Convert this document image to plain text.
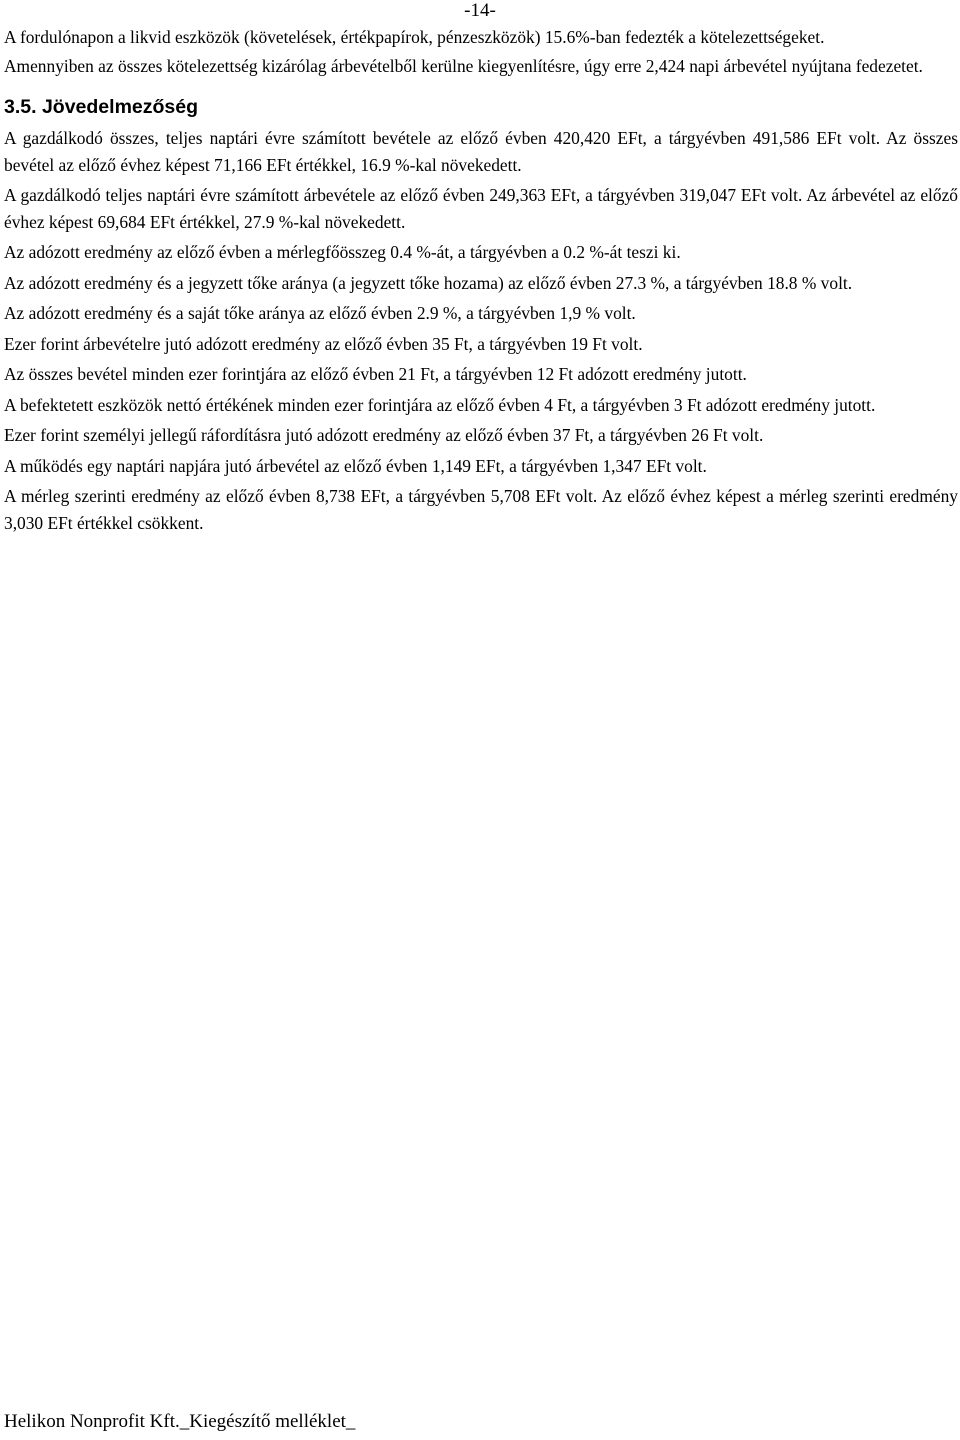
-14-

A fordulónapon a likvid eszközök (követelések, értékpapírok, pénzeszközök) 15.6%-ban fedezték a kötelezettségeket.

Amennyiben az összes kötelezettség kizárólag árbevételből kerülne kiegyenlítésre, úgy erre 2,424 napi árbevétel nyújtana fedezetet.

3.5. Jövedelmezőség

A gazdálkodó összes, teljes naptári évre számított bevétele az előző évben 420,420 EFt, a tárgyévben 491,586 EFt volt. Az összes bevétel az előző évhez képest 71,166 EFt értékkel, 16.9 %-kal növekedett.

A gazdálkodó teljes naptári évre számított árbevétele az előző évben 249,363 EFt, a tárgyévben 319,047 EFt volt. Az árbevétel az előző évhez képest 69,684 EFt értékkel, 27.9 %-kal növekedett.

Az adózott eredmény az előző évben a mérlegfőösszeg 0.4 %-át, a tárgyévben a 0.2 %-át teszi ki.

Az adózott eredmény és a jegyzett tőke aránya (a jegyzett tőke hozama) az előző évben 27.3 %, a tárgyévben 18.8 % volt.

Az adózott eredmény és a saját tőke aránya az előző évben 2.9 %, a tárgyévben 1,9 % volt.

Ezer forint árbevételre jutó adózott eredmény az előző évben 35 Ft, a tárgyévben 19 Ft volt.

Az összes bevétel minden ezer forintjára az előző évben 21 Ft, a tárgyévben 12 Ft adózott eredmény jutott.

A befektetett eszközök nettó értékének minden ezer forintjára az előző évben 4 Ft, a tárgyévben 3 Ft adózott eredmény jutott.

Ezer forint személyi jellegű ráfordításra jutó adózott eredmény az előző évben 37 Ft, a tárgyévben 26 Ft volt.

A működés egy naptári napjára jutó árbevétel az előző évben 1,149 EFt, a tárgyévben 1,347 EFt volt.

A mérleg szerinti eredmény az előző évben 8,738 EFt, a tárgyévben 5,708 EFt volt. Az előző évhez képest a mérleg szerinti eredmény 3,030 EFt értékkel csökkent.

Helikon Nonprofit Kft._Kiegészítő melléklet_
